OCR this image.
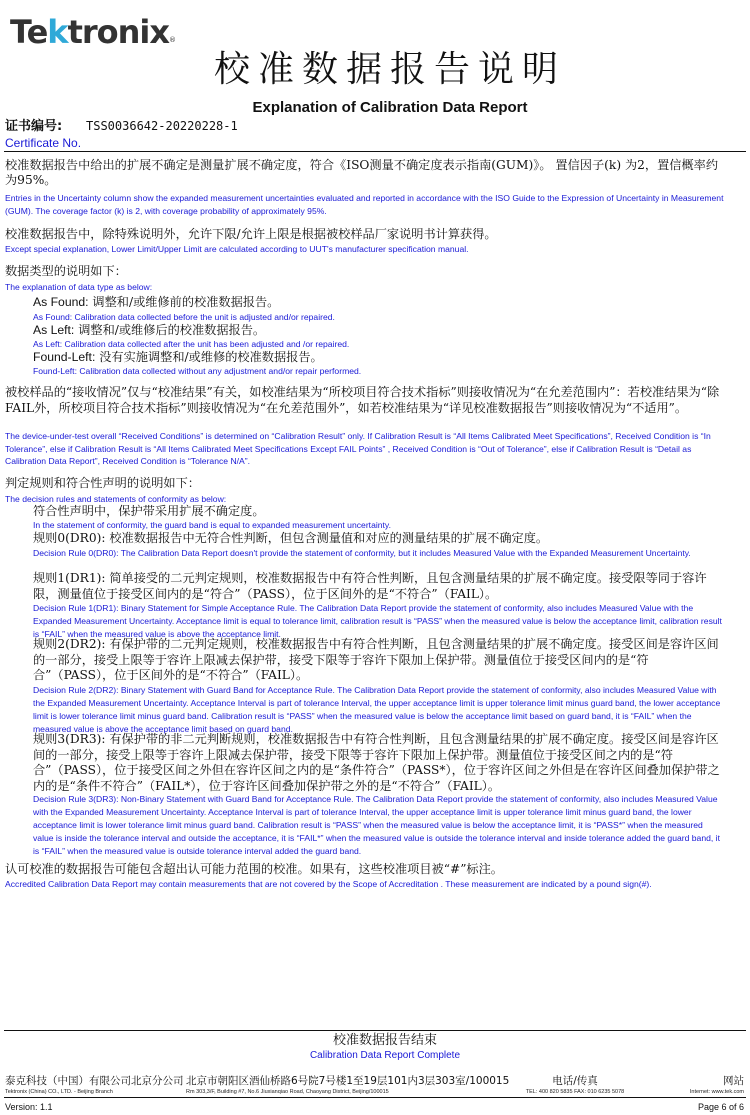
Tektronix®
校准数据报告说明
Explanation of Calibration Data Report
证书编号: TSS0036642-20220228-1
Certificate No.
校准数据报告中给出的扩展不确定是测量扩展不确定度，符合《ISO测量不确定度表示指南(GUM)》。 置信因子(k) 为2，置信概率约为95%。
Entries in the Uncertainty column show the expanded measurement uncertainties evaluated and reported in accordance with the ISO Guide to the Expression of Uncertainty in Measurement (GUM). The coverage factor (k) is 2, with coverage probability of approximately 95%.
校准数据报告中，除特殊说明外，允许下限/允许上限是根据被校样品厂家说明书计算获得。
Except special explanation, Lower Limit/Upper Limit are calculated according to UUT's manufacturer specification manual.
数据类型的说明如下：
The explanation of data type as below:
As Found: 调整和/或维修前的校准数据报告。
As Found: Calibration data collected before the unit is adjusted and/or repaired.
As Left: 调整和/或维修后的校准数据报告。
As Left: Calibration data collected after the unit has been adjusted and /or repaired.
Found-Left: 没有实施调整和/或维修的校准数据报告。
Found-Left: Calibration data collected without any adjustment and/or repair performed.
被校样品的“接收情况”仅与“校准结果”有关，如校准结果为“所校项目符合技术指标”则接收情况为“在允差范围内”：若校准结果为“除FAIL外，所校项目符合技术指标”则接收情况为“在允差范围外”，如若校准结果为“详见校准数据报告”则接收情况为“不适用”。
The device-under-test overall “Received Conditions” is determined on “Calibration Result” only. If Calibration Result is “All Items Calibrated Meet Specifications”, Received Condition is “In Tolerance”, else if Calibration Result is “All Items Calibrated Meet Specifications Except FAIL Points” , Received Condition is “Out of Tolerance”, else if Calibration Result is “Detail as Calibration Data Report”, Received Condition is “Tolerance N/A”.
判定规则和符合性声明的说明如下：
The decision rules and statements of conformity as below:
符合性声明中，保护带采用扩展不确定度。
In the statement of conformity, the guard band is equal to expanded measurement uncertainty.
规则0(DR0): 校准数据报告中无符合性判断，但包含测量值和对应的测量结果的扩展不确定度。
Decision Rule 0(DR0): The Calibration Data Report doesn't provide the statement of conformity, but it includes Measured Value with the Expanded Measurement Uncertainty.
规则1(DR1): 简单接受的二元判定规则，校准数据报告中有符合性判断，且包含测量结果的扩展不确定度。接受限等同于容许限，测量值位于接受区间内的是“符合”（PASS），位于区间外的是“不符合”（FAIL）。
Decision Rule 1(DR1): Binary Statement for Simple Acceptance Rule. The Calibration Data Report provide the statement of conformity, also includes Measured Value with the Expanded Measurement Uncertainty. Acceptance limit is equal to tolerance limit, calibration result is “PASS” when the measured value is below the acceptance limit, calibration result is “FAIL” when the measured value is above the acceptance limit.
规则2(DR2): 有保护带的二元判定规则，校准数据报告中有符合性判断，且包含测量结果的扩展不确定度。接受区间是容许区间的一部分，接受上限等于容许上限减去保护带，接受下限等于容许下限加上保护带。测量值位于接受区间内的是“符合”（PASS），位于区间外的是“不符合”（FAIL）。
Decision Rule 2(DR2): Binary Statement with Guard Band for Acceptance Rule. The Calibration Data Report provide the statement of conformity, also includes Measured Value with the Expanded Measurement Uncertainty. Acceptance Interval is part of tolerance Interval, the upper acceptance limit is upper tolerance limit minus guard band, the lower acceptance limit is lower tolerance limit minus guard band. Calibration result is “PASS” when the measured value is below the acceptance limit based on guard band, it is “FAIL” when the measured value is above the acceptance limit based on guard band.
规则3(DR3): 有保护带的非二元判断规则，校准数据报告中有符合性判断，且包含测量结果的扩展不确定度。接受区间是容许区间的一部分，接受上限等于容许上限减去保护带，接受下限等于容许下限加上保护带。测量值位于接受区间之内的是“符合”（PASS），位于接受区间之外但在容许区间之内的是“条件符合”（PASS*），位于容许区间之外但是在容许区间叠加保护带之内的是“条件不符合”（FAIL*），位于容许区间叠加保护带之外的是“不符合”（FAIL）。
Decision Rule 3(DR3): Non-Binary Statement with Guard Band for Acceptance Rule. The Calibration Data Report provide the statement of conformity, also includes Measured Value with the Expanded Measurement Uncertainty. Acceptance Interval is part of tolerance Interval, the upper acceptance limit is upper tolerance limit minus guard band, the lower acceptance limit is lower tolerance limit minus guard band. Calibration result is “PASS” when the measured value is below the acceptance limit, it is “PASS*” when the measured value is inside the tolerance interval and outside the acceptance, it is “FAIL*” when the measured value is outside the tolerance interval and inside tolerance added the guard band, it is “FAIL” when the measured value is outside tolerance interval added the guard band.
认可校准的数据报告可能包含超出认可能力范围的校准。如果有，这些校准项目被“#”标注。
Accredited Calibration Data Report may contain measurements that are not covered by the Scope of Accreditation . These measurement are indicated by a pound sign(#).
校准数据报告结束
Calibration Data Report Complete
泰克科技（中国）有限公司北京分公司
Tektronix (China) CO., LTD. - Beijing Branch
北京市朝阳区酒仙桥路6号院7号楼1至19层101内3层303室/100015
Rm 303,3/F, Building #7, No.6 Jiuxianqiao Road, Chaoyang District, Beijing/100015
电话/传真
TEL: 400 820 5835 FAX: 010 6235 5078
网站
Internet: www.tek.com
Version: 1.1	Page 6 of 6
